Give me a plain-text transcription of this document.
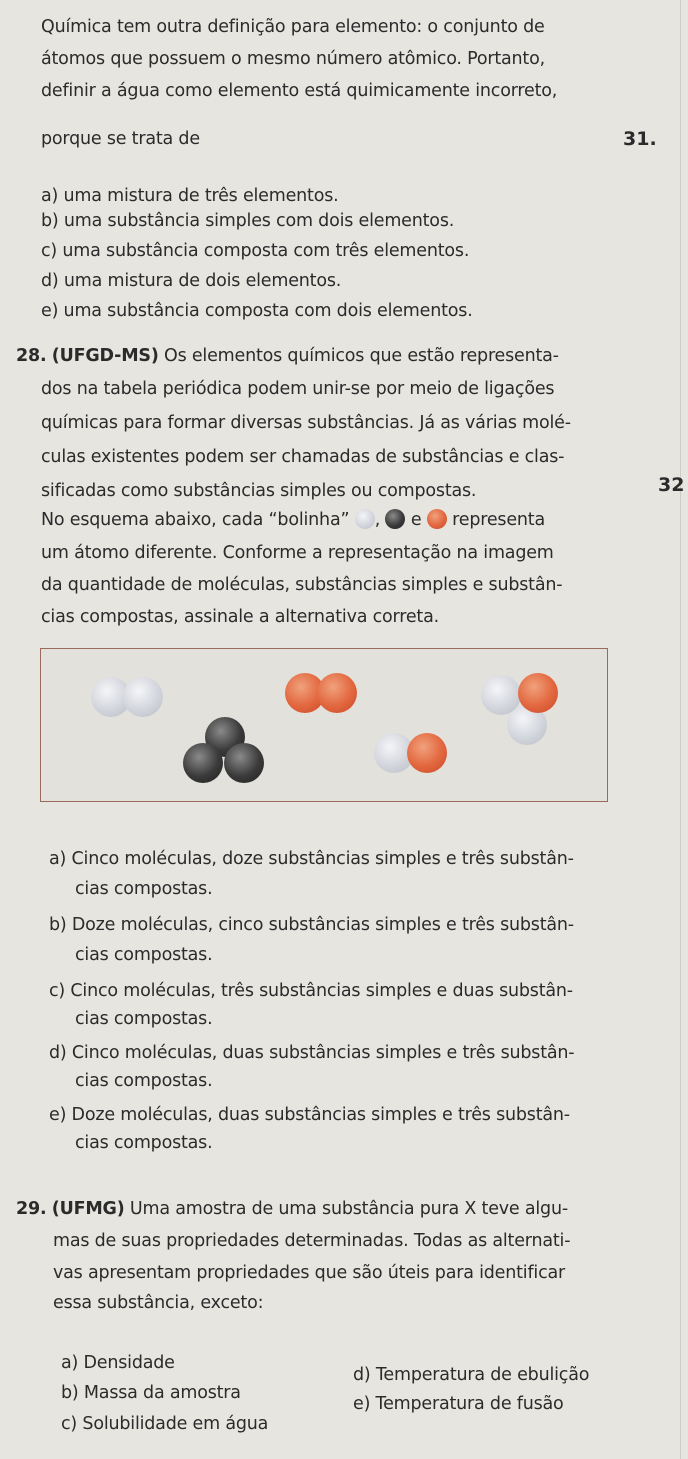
Química tem outra definição para elemento: o conjunto de
átomos que possuem o mesmo número atômico. Portanto,
definir a água como elemento está quimicamente incorreto,
porque se trata de	31.
a) uma mistura de três elementos.
b) uma substância simples com dois elementos.
c) uma substância composta com três elementos.
d) uma mistura de dois elementos.
e) uma substância composta com dois elementos.
28. (UFGD-MS) Os elementos químicos que estão representa-
dos na tabela periódica podem unir-se por meio de ligações
químicas para formar diversas substâncias. Já as várias molé-
culas existentes podem ser chamadas de substâncias e clas-
sificadas como substâncias simples ou compostas.	32
No esquema abaixo, cada “bolinha” , e representa
um átomo diferente. Conforme a representação na imagem
da quantidade de moléculas, substâncias simples e substân-
cias compostas, assinale a alternativa correta.
a) Cinco moléculas, doze substâncias simples e três substân-
cias compostas.
b) Doze moléculas, cinco substâncias simples e três substân-
cias compostas.
c) Cinco moléculas, três substâncias simples e duas substân-
cias compostas.
d) Cinco moléculas, duas substâncias simples e três substân-
cias compostas.
e) Doze moléculas, duas substâncias simples e três substân-
cias compostas.
29. (UFMG) Uma amostra de uma substância pura X teve algu-
mas de suas propriedades determinadas. Todas as alternati-
vas apresentam propriedades que são úteis para identificar
essa substância, exceto:
a) Densidade
b) Massa da amostra
c) Solubilidade em água
d) Temperatura de ebulição
e) Temperatura de fusão
